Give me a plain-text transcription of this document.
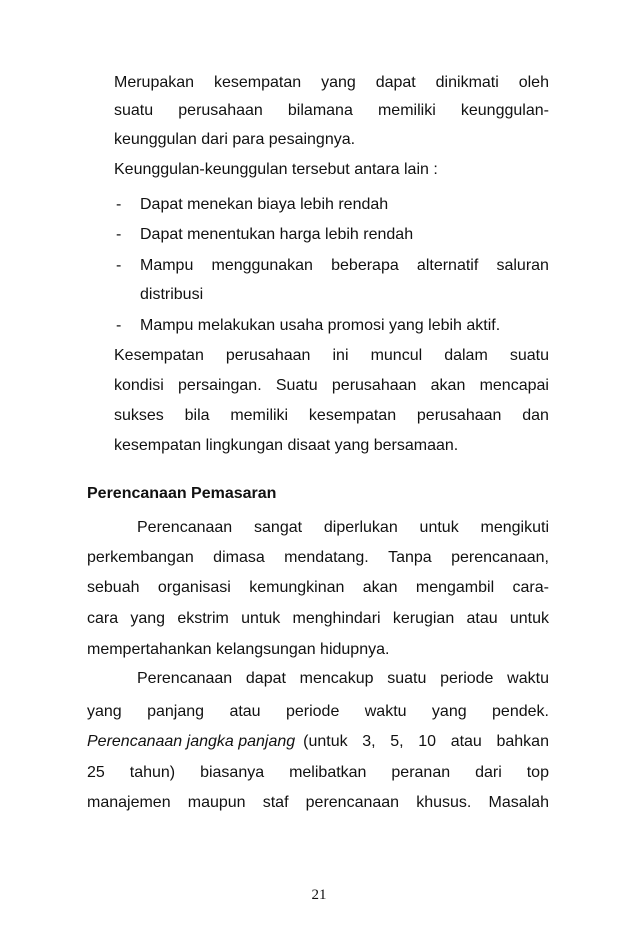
Merupakan kesempatan yang dapat dinikmati oleh
suatu perusahaan bilamana memiliki keunggulan-
keunggulan dari para pesaingnya.
Keunggulan-keunggulan tersebut antara lain :
- Dapat menekan biaya lebih rendah
- Dapat menentukan harga lebih rendah
- Mampu menggunakan beberapa alternatif saluran
distribusi
- Mampu melakukan usaha promosi yang lebih aktif.
Kesempatan perusahaan ini muncul dalam suatu
kondisi persaingan. Suatu perusahaan akan mencapai
sukses bila memiliki kesempatan perusahaan dan
kesempatan lingkungan disaat yang bersamaan.
Perencanaan Pemasaran
Perencanaan sangat diperlukan untuk mengikuti
perkembangan dimasa mendatang. Tanpa perencanaan,
sebuah organisasi kemungkinan akan mengambil cara-
cara yang ekstrim untuk menghindari kerugian atau untuk
mempertahankan kelangsungan hidupnya.
Perencanaan dapat mencakup suatu periode waktu
yang panjang atau periode waktu yang pendek.
Perencanaan jangka panjang (untuk 3, 5, 10 atau bahkan
25 tahun) biasanya melibatkan peranan dari top
manajemen maupun staf perencanaan khusus. Masalah
21
